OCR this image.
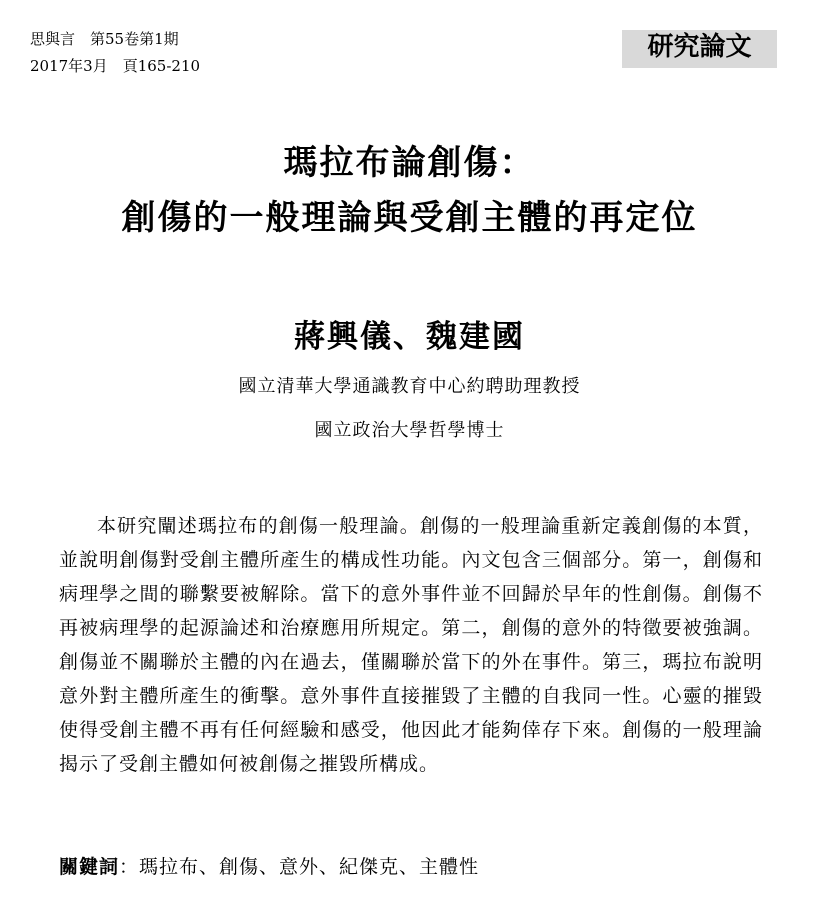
思與言　第55卷第1期
2017年3月　頁165-210
研究論文
瑪拉布論創傷：
創傷的一般理論與受創主體的再定位
蔣興儀、魏建國
國立清華大學通識教育中心約聘助理教授
國立政治大學哲學博士
本研究闡述瑪拉布的創傷一般理論。創傷的一般理論重新定義創傷的本質，並說明創傷對受創主體所產生的構成性功能。內文包含三個部分。第一，創傷和病理學之間的聯繫要被解除。當下的意外事件並不回歸於早年的性創傷。創傷不再被病理學的起源論述和治療應用所規定。第二，創傷的意外的特徵要被強調。創傷並不關聯於主體的內在過去，僅關聯於當下的外在事件。第三，瑪拉布說明意外對主體所產生的衝擊。意外事件直接摧毀了主體的自我同一性。心靈的摧毀使得受創主體不再有任何經驗和感受，他因此才能夠倖存下來。創傷的一般理論揭示了受創主體如何被創傷之摧毀所構成。
關鍵詞：瑪拉布、創傷、意外、紀傑克、主體性
